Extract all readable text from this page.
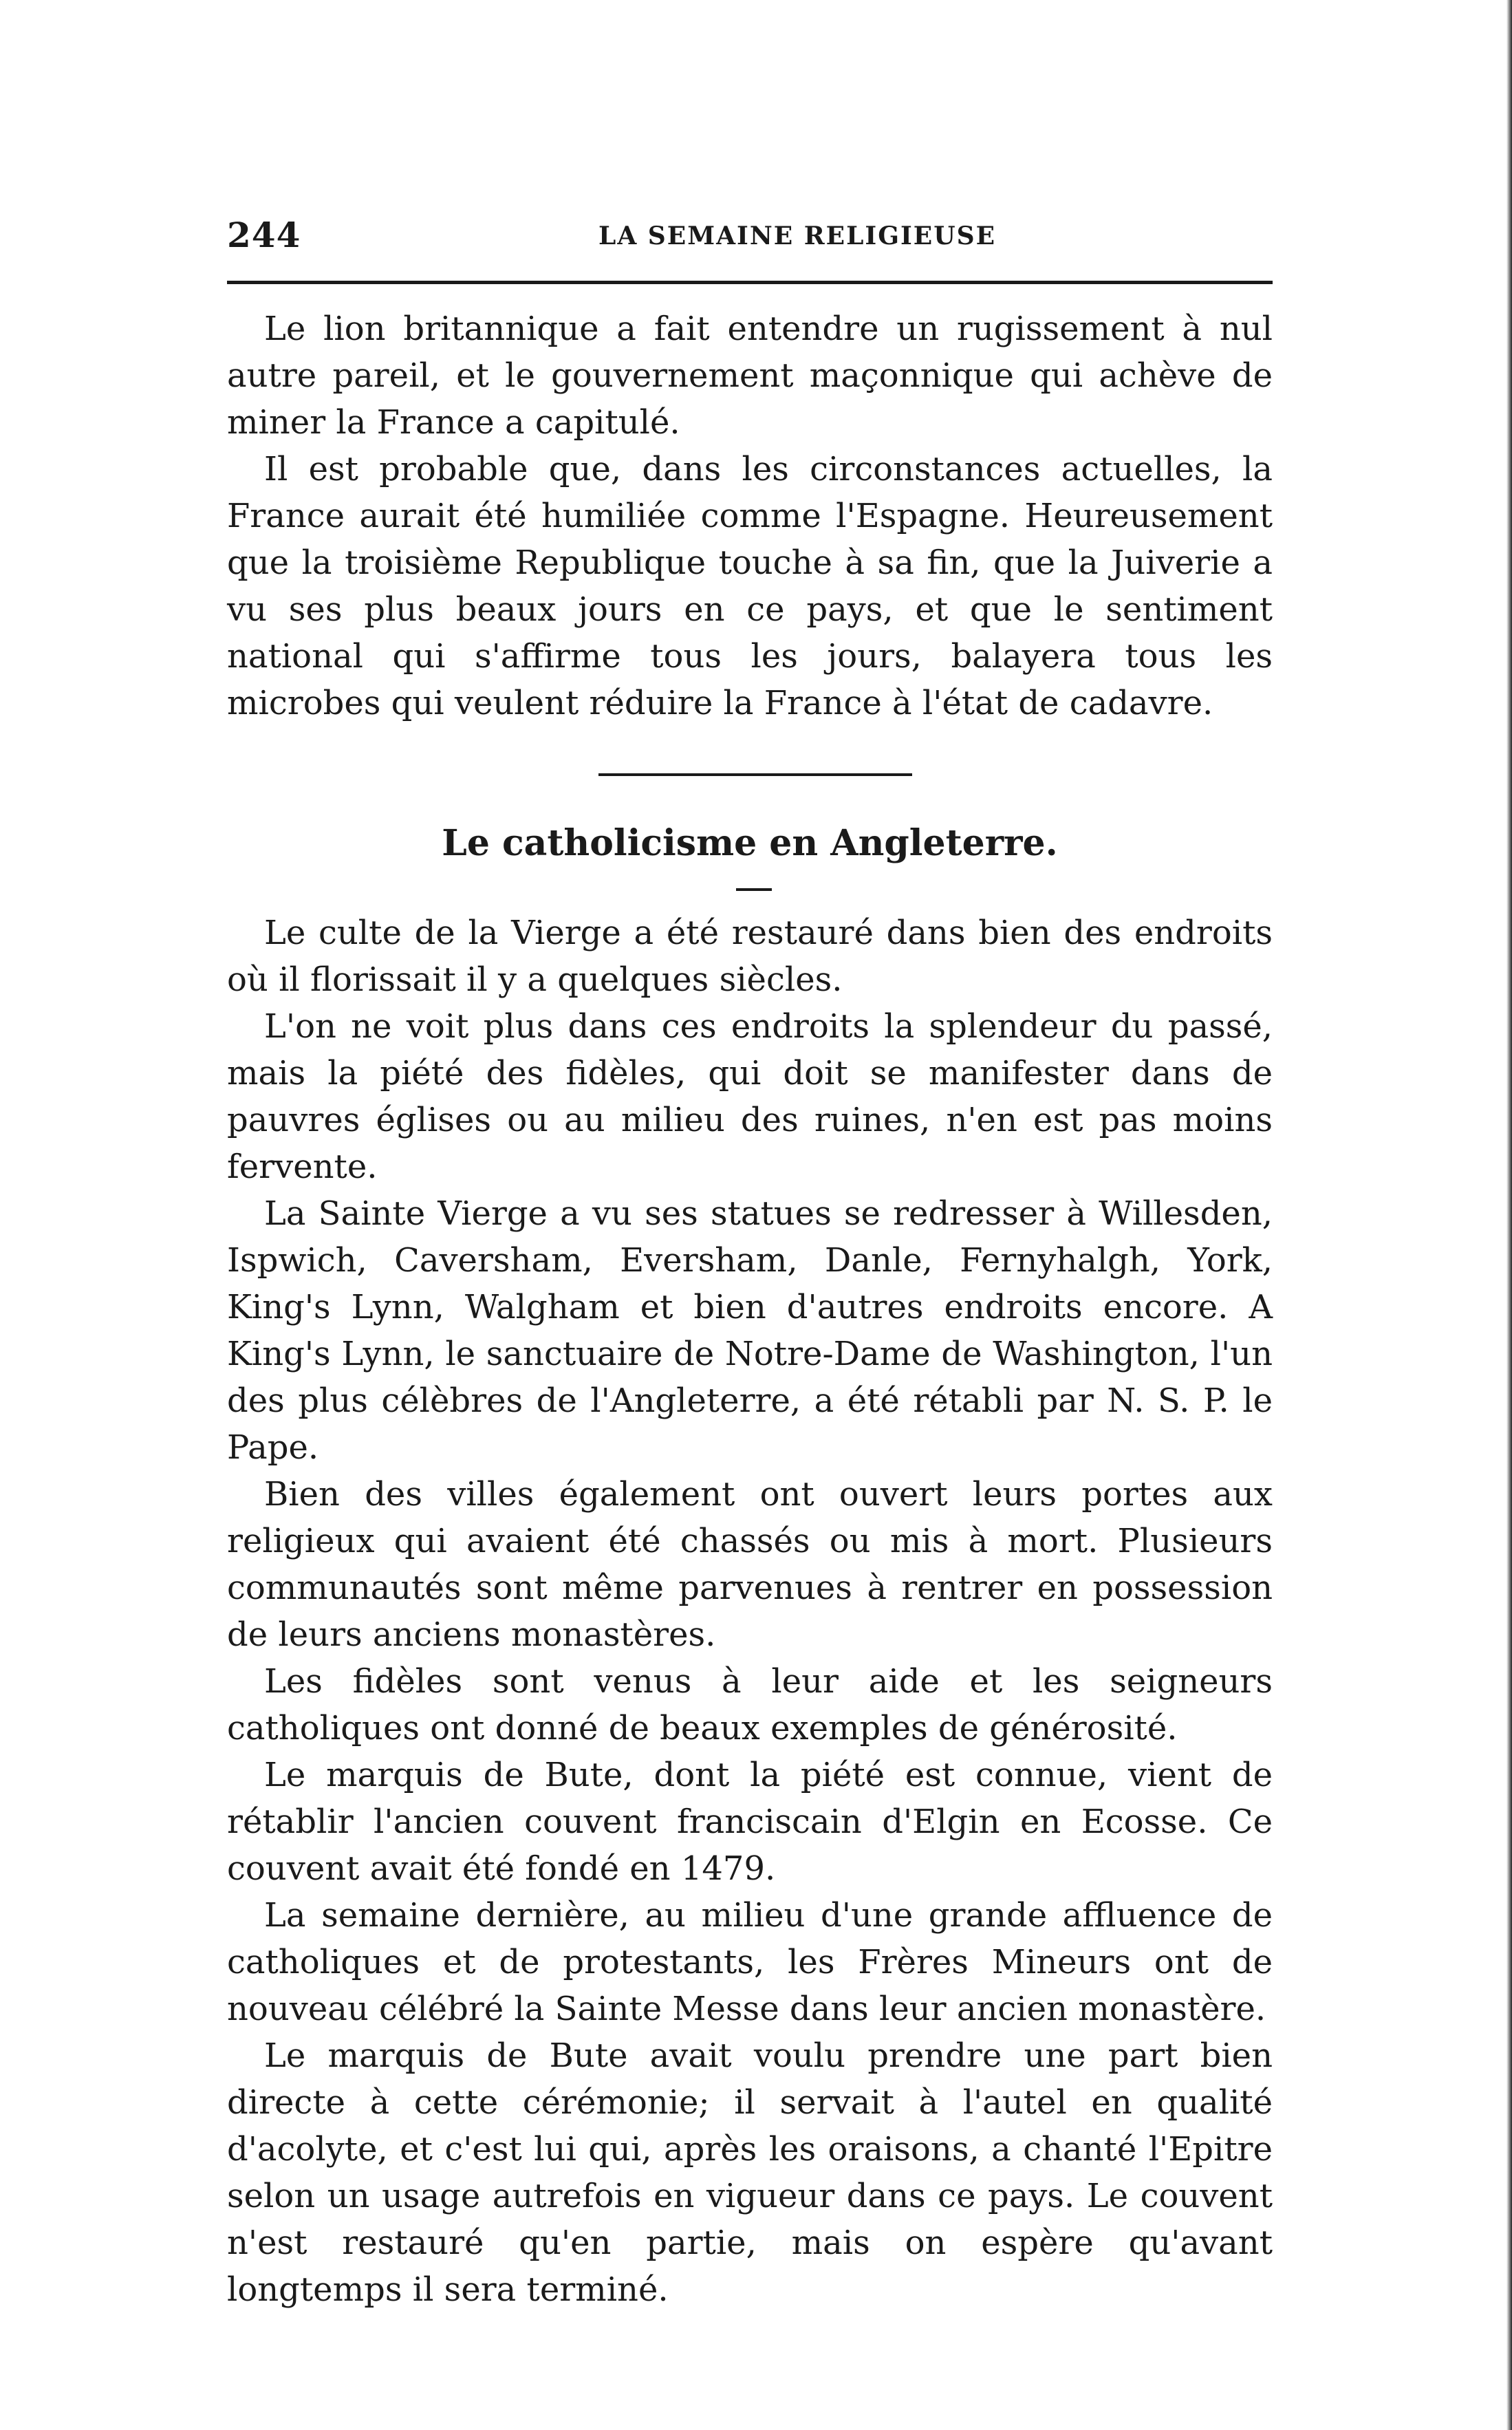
244	LA SEMAINE RELIGIEUSE

Le lion britannique a fait entendre un rugissement à nul autre pareil, et le gouvernement maçonnique qui achève de miner la France a capitulé.

Il est probable que, dans les circonstances actuelles, la France aurait été humiliée comme l'Espagne. Heureusement que la troisième Republique touche à sa fin, que la Juiverie a vu ses plus beaux jours en ce pays, et que le sentiment national qui s'affirme tous les jours, balayera tous les microbes qui veulent réduire la France à l'état de cadavre.

Le catholicisme en Angleterre.

Le culte de la Vierge a été restauré dans bien des endroits où il florissait il y a quelques siècles.

L'on ne voit plus dans ces endroits la splendeur du passé, mais la piété des fidèles, qui doit se manifester dans de pauvres églises ou au milieu des ruines, n'en est pas moins fervente.

La Sainte Vierge a vu ses statues se redresser à Willesden, Ispwich, Caversham, Eversham, Danle, Fernyhalgh, York, King's Lynn, Walgham et bien d'autres endroits encore. A King's Lynn, le sanctuaire de Notre-Dame de Washington, l'un des plus célèbres de l'Angleterre, a été rétabli par N. S. P. le Pape.

Bien des villes également ont ouvert leurs portes aux religieux qui avaient été chassés ou mis à mort. Plusieurs communautés sont même parvenues à rentrer en possession de leurs anciens monastères.

Les fidèles sont venus à leur aide et les seigneurs catholiques ont donné de beaux exemples de générosité.

Le marquis de Bute, dont la piété est connue, vient de rétablir l'ancien couvent franciscain d'Elgin en Ecosse. Ce couvent avait été fondé en 1479.

La semaine dernière, au milieu d'une grande affluence de catholiques et de protestants, les Frères Mineurs ont de nouveau célébré la Sainte Messe dans leur ancien monastère.

Le marquis de Bute avait voulu prendre une part bien directe à cette cérémonie; il servait à l'autel en qualité d'acolyte, et c'est lui qui, après les oraisons, a chanté l'Epitre selon un usage autrefois en vigueur dans ce pays. Le couvent n'est restauré qu'en partie, mais on espère qu'avant longtemps il sera terminé.
